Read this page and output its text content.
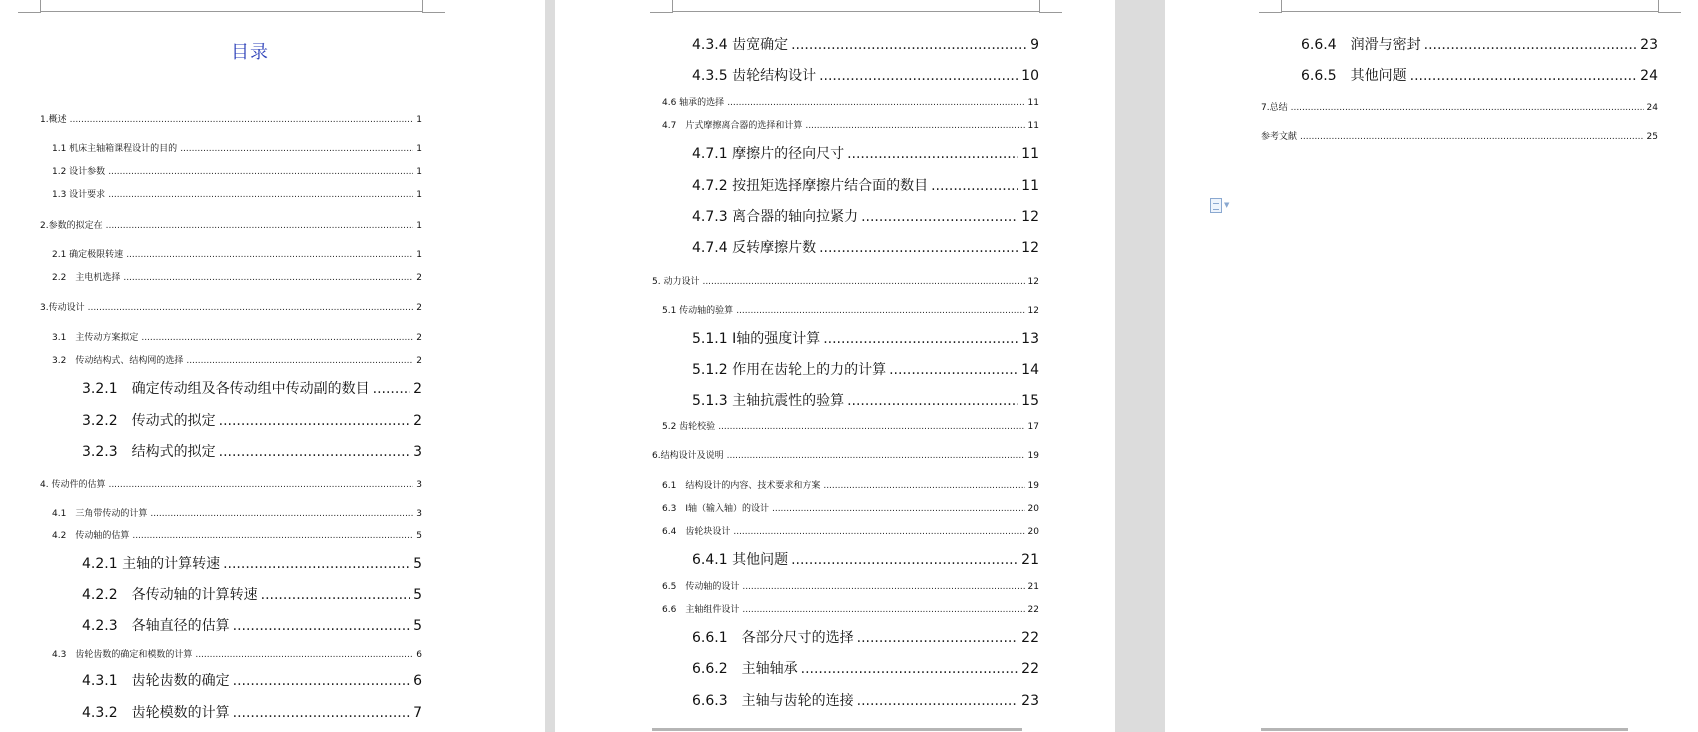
目录
1.概述 .....	1
1.1 机床主轴箱课程设计的目的 .....	1
1.2 设计参数 .....	1
1.3 设计要求 .....	1
2.参数的拟定在 .....	1
2.1 确定极限转速 .....	1
2.2　主电机选择 .....	2
3.传动设计 .....	2
3.1　主传动方案拟定 .....	2
3.2　传动结构式、结构网的选择 .....	2
3.2.1　确定传动组及各传动组中传动副的数目 .....	2
3.2.2　传动式的拟定 .....	2
3.2.3　结构式的拟定 .....	3
4. 传动件的估算 .....	3
4.1　三角带传动的计算 .....	3
4.2　传动轴的估算 .....	5
4.2.1 主轴的计算转速 .....	5
4.2.2　各传动轴的计算转速 .....	5
4.2.3　各轴直径的估算 .....	5
4.3　齿轮齿数的确定和模数的计算 .....	6
4.3.1　齿轮齿数的确定 .....	6
4.3.2　齿轮模数的计算 .....	7
4.3.4 齿宽确定 .....	9
4.3.5 齿轮结构设计 .....	10
4.6 轴承的选择 .....	11
4.7　片式摩擦离合器的选择和计算 .....	11
4.7.1 摩擦片的径向尺寸 .....	11
4.7.2 按扭矩选择摩擦片结合面的数目 .....	11
4.7.3 离合器的轴向拉紧力 .....	12
4.7.4 反转摩擦片数 .....	12
5. 动力设计 .....	12
5.1 传动轴的验算 .....	12
5.1.1 Ⅰ轴的强度计算 .....	13
5.1.2 作用在齿轮上的力的计算 .....	14
5.1.3 主轴抗震性的验算 .....	15
5.2 齿轮校验 .....	17
6.结构设计及说明 .....	19
6.1　结构设计的内容、技术要求和方案 .....	19
6.3　Ⅰ轴（输入轴）的设计 .....	20
6.4　齿轮块设计 .....	20
6.4.1 其他问题 .....	21
6.5　传动轴的设计 .....	21
6.6　主轴组件设计 .....	22
6.6.1　各部分尺寸的选择 .....	22
6.6.2　主轴轴承 .....	22
6.6.3　主轴与齿轮的连接 .....	23
6.6.4　润滑与密封 .....	23
6.6.5　其他问题 .....	24
7.总结 .....	24
参考文献 .....	25
▼
